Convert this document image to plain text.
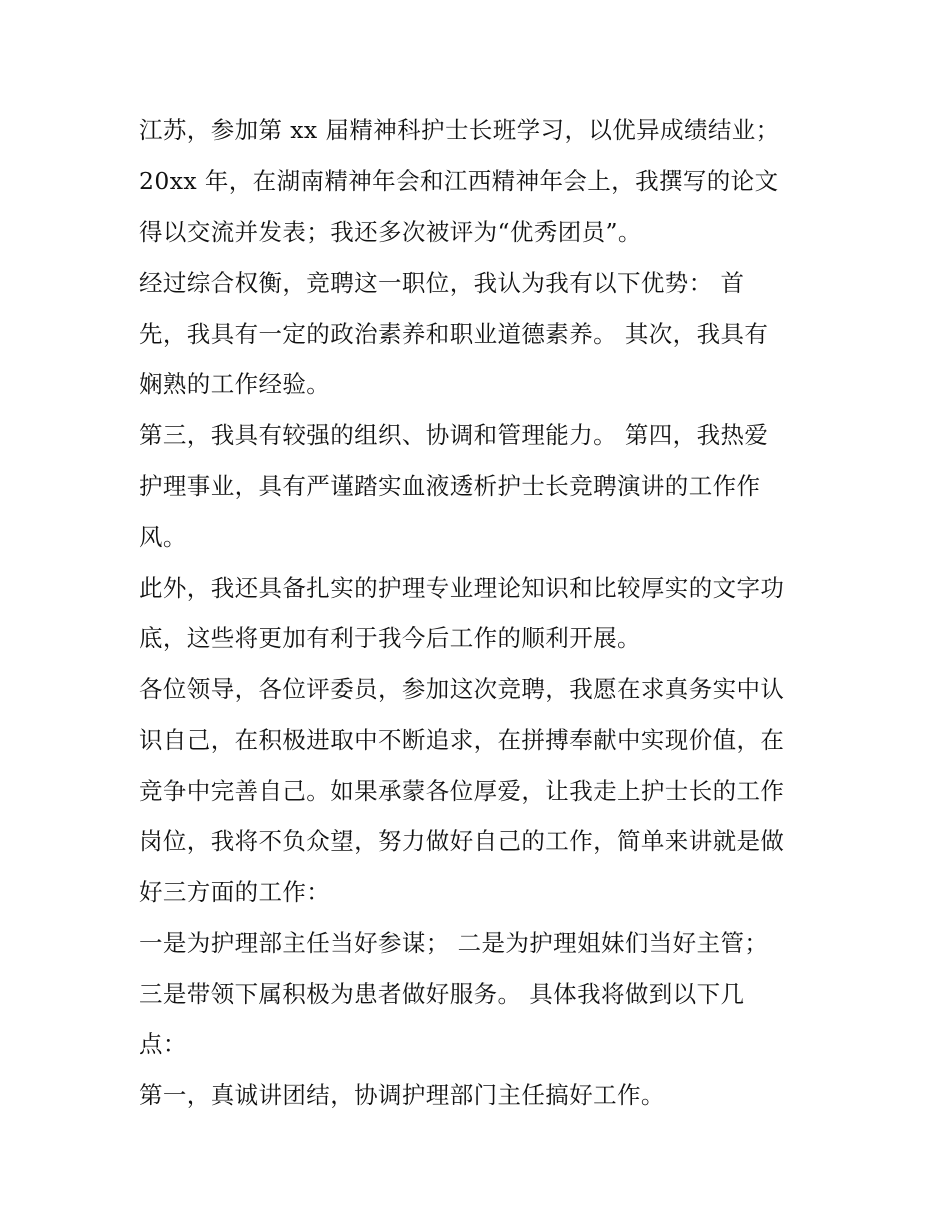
江苏，参加第 xx 届精神科护士长班学习，以优异成绩结业；
20xx 年，在湖南精神年会和江西精神年会上，我撰写的论文
得以交流并发表；我还多次被评为“优秀团员”。
经过综合权衡，竞聘这一职位，我认为我有以下优势： 首
先，我具有一定的政治素养和职业道德素养。 其次，我具有
娴熟的工作经验。
第三，我具有较强的组织、协调和管理能力。 第四，我热爱
护理事业，具有严谨踏实血液透析护士长竞聘演讲的工作作
风。
此外，我还具备扎实的护理专业理论知识和比较厚实的文字功
底，这些将更加有利于我今后工作的顺利开展。
各位领导，各位评委员，参加这次竞聘，我愿在求真务实中认
识自己，在积极进取中不断追求，在拼搏奉献中实现价值，在
竞争中完善自己。如果承蒙各位厚爱，让我走上护士长的工作
岗位，我将不负众望，努力做好自己的工作，简单来讲就是做
好三方面的工作：
一是为护理部主任当好参谋； 二是为护理姐妹们当好主管；
三是带领下属积极为患者做好服务。 具体我将做到以下几
点：
第一，真诚讲团结，协调护理部门主任搞好工作。
